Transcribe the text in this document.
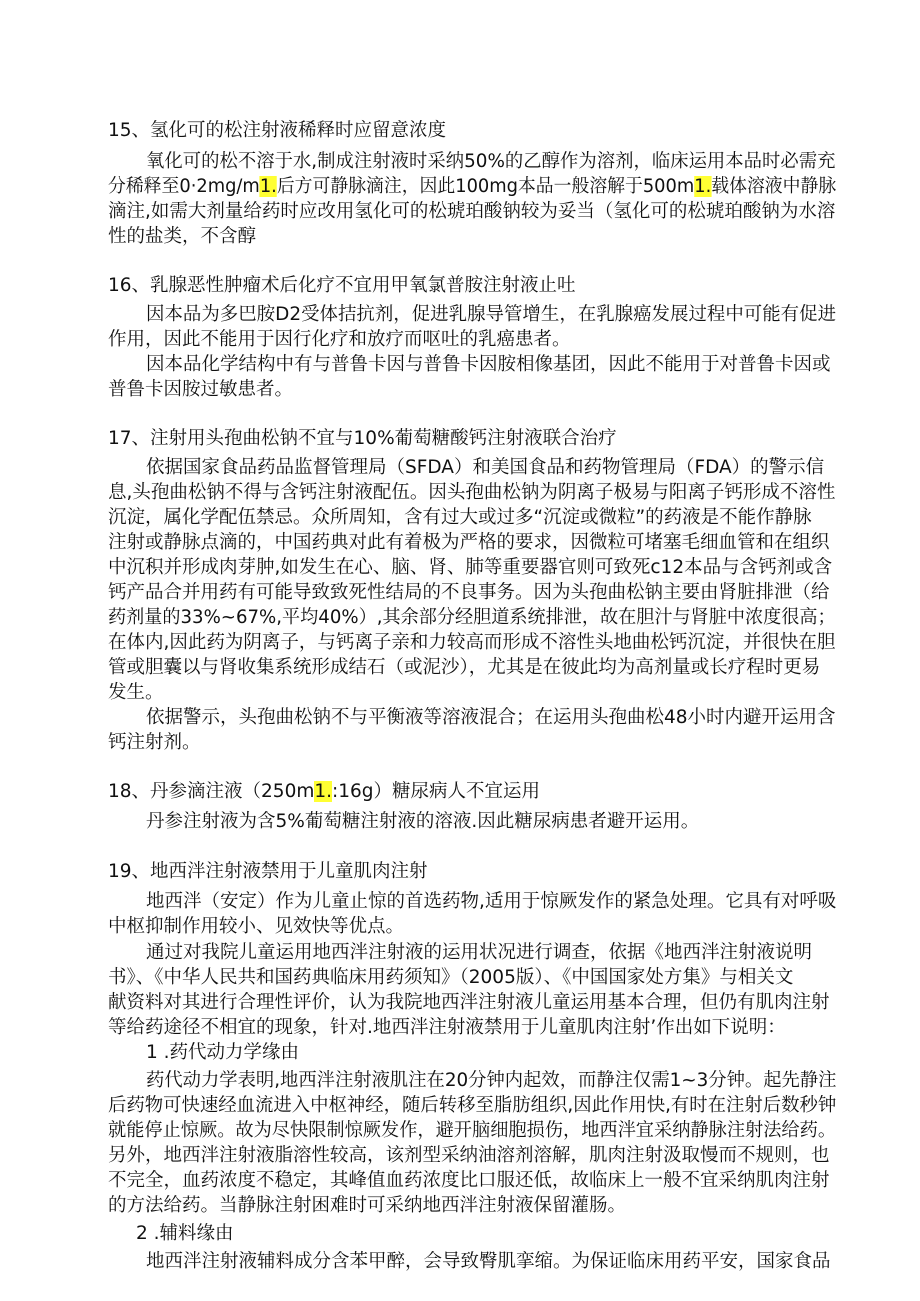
15、氢化可的松注射液稀释时应留意浓度
氧化可的松不溶于水,制成注射液时采纳50%的乙醇作为溶剂，临床运用本品时必需充
分稀释至0·2mg/m1.后方可静脉滴注，因此100mg本品一般溶解于500m1.载体溶液中静脉
滴注,如需大剂量给药时应改用氢化可的松琥珀酸钠较为妥当（氢化可的松琥珀酸钠为水溶
性的盐类，不含醇
16、乳腺恶性肿瘤术后化疗不宜用甲氧氯普胺注射液止吐
因本品为多巴胺D2受体拮抗剂，促进乳腺导管增生，在乳腺癌发展过程中可能有促进
作用，因此不能用于因行化疗和放疗而呕吐的乳癌患者。
因本品化学结构中有与普鲁卡因与普鲁卡因胺相像基团，因此不能用于对普鲁卡因或
普鲁卡因胺过敏患者。
17、注射用头孢曲松钠不宜与10%葡萄糖酸钙注射液联合治疗
依据国家食品药品监督管理局（SFDA）和美国食品和药物管理局（FDA）的警示信
息,头孢曲松钠不得与含钙注射液配伍。因头孢曲松钠为阴离子极易与阳离子钙形成不溶性
沉淀，属化学配伍禁忌。众所周知，含有过大或过多“沉淀或微粒”的药液是不能作静脉
注射或静脉点滴的，中国药典对此有着极为严格的要求，因微粒可堵塞毛细血管和在组织
中沉积并形成肉芽肿,如发生在心、脑、肾、肺等重要器官则可致死c12本品与含钙剂或含
钙产品合并用药有可能导致致死性结局的不良事务。因为头孢曲松钠主要由肾脏排泄（给
药剂量的33%~67%,平均40%）,其余部分经胆道系统排泄，故在胆汁与肾脏中浓度很高；
在体内,因此药为阴离子，与钙离子亲和力较高而形成不溶性头地曲松钙沉淀，并很快在胆
管或胆囊以与肾收集系统形成结石（或泥沙），尤其是在彼此均为高剂量或长疗程时更易
发生。
依据警示，头孢曲松钠不与平衡液等溶液混合；在运用头孢曲松48小时内避开运用含
钙注射剂。
18、丹参滴注液（250m1.:16g）糖尿病人不宜运用
丹参注射液为含5%葡萄糖注射液的溶液.因此糖尿病患者避开运用。
19、地西泮注射液禁用于儿童肌肉注射
地西泮（安定）作为儿童止惊的首选药物,适用于惊厥发作的紧急处理。它具有对呼吸
中枢抑制作用较小、见效快等优点。
通过对我院儿童运用地西泮注射液的运用状况进行调查，依据《地西泮注射液说明
书》、《中华人民共和国药典临床用药须知》（2005版）、《中国国家处方集》与相关文
献资料对其进行合理性评价，认为我院地西泮注射液儿童运用基本合理，但仍有肌肉注射
等给药途径不相宜的现象，针对.地西泮注射液禁用于儿童肌肉注射’作出如下说明：
1 .药代动力学缘由
药代动力学表明,地西泮注射液肌注在20分钟内起效，而静注仅需1~3分钟。起先静注
后药物可快速经血流进入中枢神经，随后转移至脂肪组织,因此作用快,有时在注射后数秒钟
就能停止惊厥。故为尽快限制惊厥发作，避开脑细胞损伤，地西泮宜采纳静脉注射法给药。
另外，地西泮注射液脂溶性较高，该剂型采纳油溶剂溶解，肌肉注射汲取慢而不规则，也
不完全，血药浓度不稳定，其峰值血药浓度比口服还低，故临床上一般不宜采纳肌肉注射
的方法给药。当静脉注射困难时可采纳地西泮注射液保留灌肠。
2 .辅料缘由
地西泮注射液辅料成分含苯甲醉，会导致臀肌挛缩。为保证临床用药平安，国家食品
